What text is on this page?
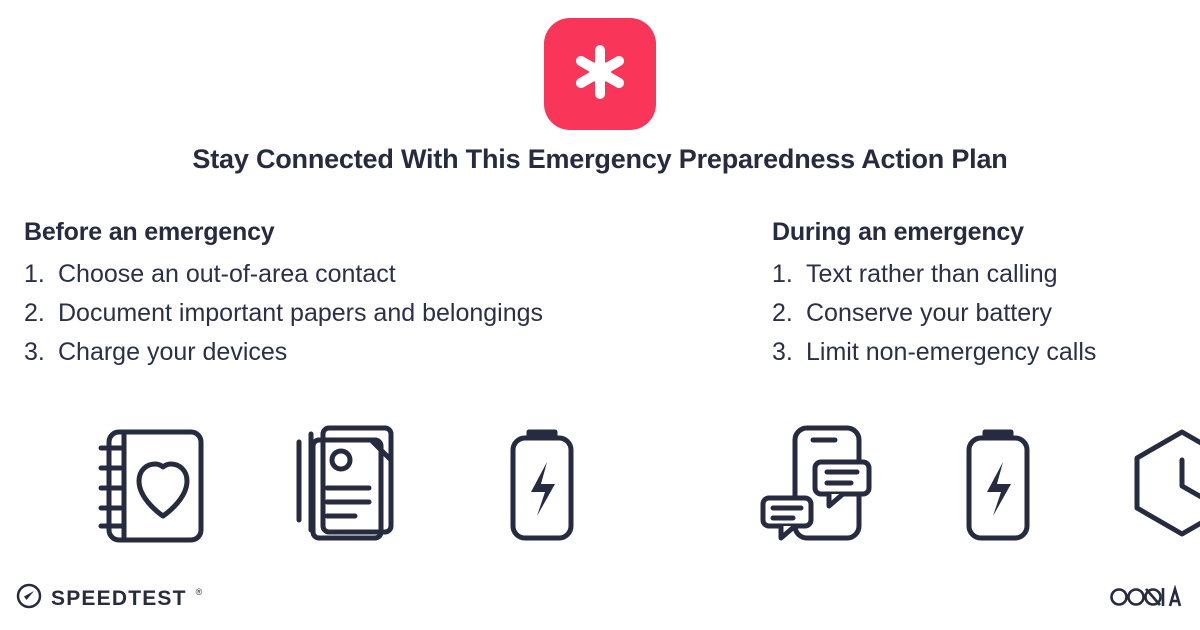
Stay Connected With This Emergency Preparedness Action Plan
Before an emergency
1. Choose an out-of-area contact
2. Document important papers and belongings
3. Charge your devices
During an emergency
1. Text rather than calling
2. Conserve your battery
3. Limit non-emergency calls
SPEEDTEST ®
